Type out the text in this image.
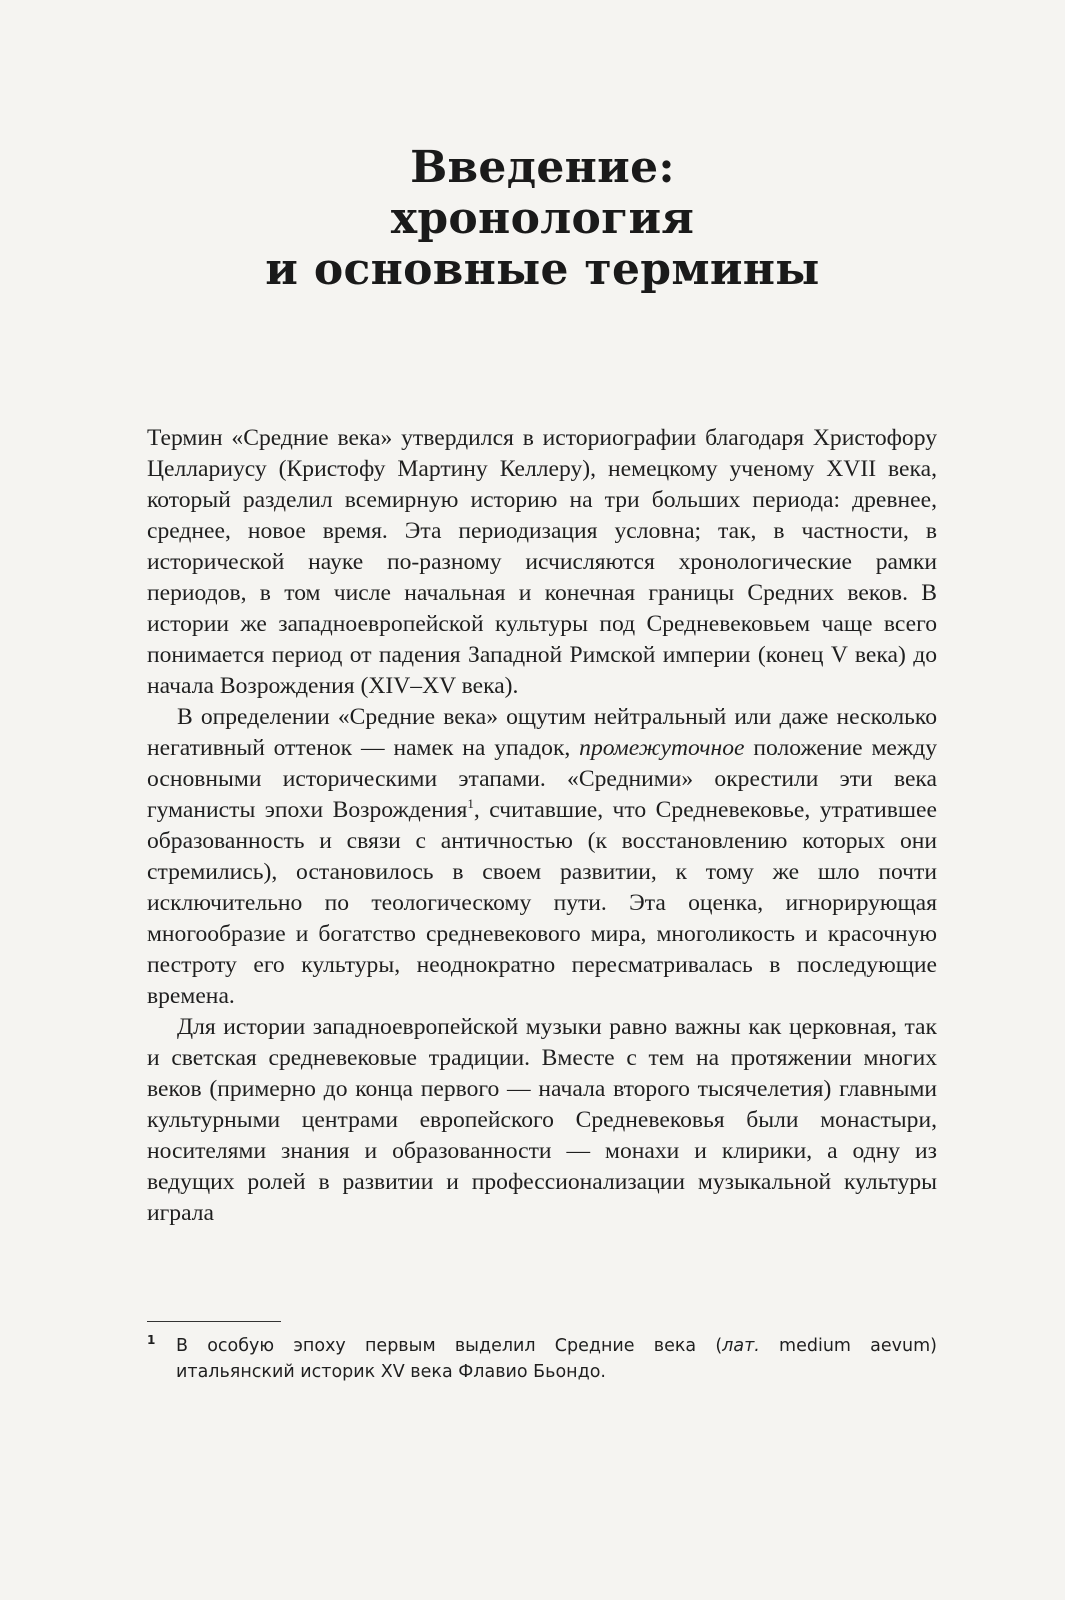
Введение:
хронология
и основные термины

Термин «Средние века» утвердился в историографии благодаря Христофору Целлариусу (Кристофу Мартину Келлеру), немецкому ученому XVII века, который разделил всемирную историю на три больших периода: древнее, среднее, новое время. Эта периодизация условна; так, в частности, в исторической науке по-разному исчисляются хронологические рамки периодов, в том числе начальная и конечная границы Средних веков. В истории же западноевропейской культуры под Средневековьем чаще всего понимается период от падения Западной Римской империи (конец V века) до начала Возрождения (XIV–XV века).

В определении «Средние века» ощутим нейтральный или даже несколько негативный оттенок — намек на упадок, промежуточное положение между основными историческими этапами. «Средними» окрестили эти века гуманисты эпохи Возрождения$^1$, считавшие, что Средневековье, утратившее образованность и связи с античностью (к восстановлению которых они стремились), остановилось в своем развитии, к тому же шло почти исключительно по теологическому пути. Эта оценка, игнорирующая многообразие и богатство средневекового мира, многоликость и красочную пестроту его культуры, неоднократно пересматривалась в последующие времена.

Для истории западноевропейской музыки равно важны как церковная, так и светская средневековые традиции. Вместе с тем на протяжении многих веков (примерно до конца первого — начала второго тысячелетия) главными культурными центрами европейского Средневековья были монастыри, носителями знания и образованности — монахи и клирики, а одну из ведущих ролей в развитии и профессионализации музыкальной культуры играла

1	В особую эпоху первым выделил Средние века (лат. medium aevum) итальянский историк XV века Флавио Бьондо.
